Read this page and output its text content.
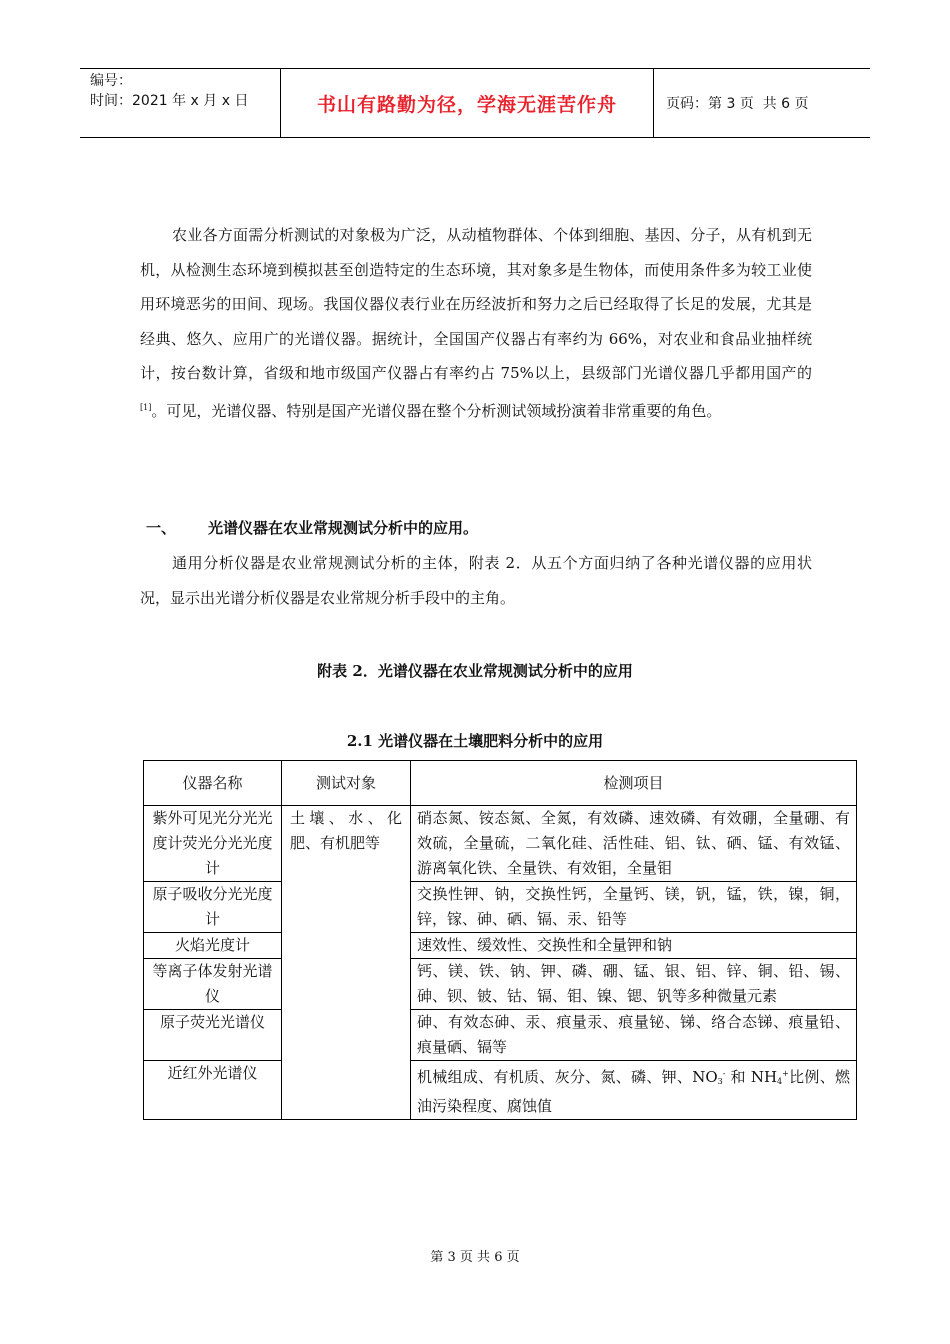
编号：
时间：2021 年 x 月 x 日	书山有路勤为径，学海无涯苦作舟	页码：第 3 页  共 6 页

农业各方面需分析测试的对象极为广泛，从动植物群体、个体到细胞、基因、分子，从有机到无机，从检测生态环境到模拟甚至创造特定的生态环境，其对象多是生物体，而使用条件多为较工业使用环境恶劣的田间、现场。我国仪器仪表行业在历经波折和努力之后已经取得了长足的发展，尤其是经典、悠久、应用广的光谱仪器。据统计，全国国产仪器占有率约为 66%，对农业和食品业抽样统计，按台数计算，省级和地市级国产仪器占有率约占 75%以上，县级部门光谱仪器几乎都用国产的[1]。可见，光谱仪器、特别是国产光谱仪器在整个分析测试领域扮演着非常重要的角色。

一、	光谱仪器在农业常规测试分析中的应用。

通用分析仪器是农业常规测试分析的主体，附表 2．从五个方面归纳了各种光谱仪器的应用状况，显示出光谱分析仪器是农业常规分析手段中的主角。

附表 2．光谱仪器在农业常规测试分析中的应用
2.1 光谱仪器在土壤肥料分析中的应用
仪器名称	测试对象	检测项目
紫外可见光分光光度计荧光分光光度计	土壤、水、化肥、有机肥等	硝态氮、铵态氮、全氮，有效磷、速效磷、有效硼，全量硼、有效硫，全量硫，二氧化硅、活性硅、铝、钛、硒、锰、有效锰、游离氧化铁、全量铁、有效钼，全量钼
原子吸收分光光度计		交换性钾、钠，交换性钙，全量钙、镁，钒，锰，铁，镍，铜，锌，镓、砷、硒、镉、汞、铅等
火焰光度计		速效性、缓效性、交换性和全量钾和钠
等离子体发射光谱仪		钙、镁、铁、钠、钾、磷、硼、锰、银、铝、锌、铜、铅、锡、砷、钡、铍、钴、镉、钼、镍、锶、钒等多种微量元素
原子荧光光谱仪		砷、有效态砷、汞、痕量汞、痕量铋、锑、络合态锑、痕量铅、痕量硒、镉等
近红外光谱仪		机械组成、有机质、灰分、氮、磷、钾、$NO_3^-$ 和 $NH_4^+$比例、燃油污染程度、腐蚀值
第 3 页 共 6 页
